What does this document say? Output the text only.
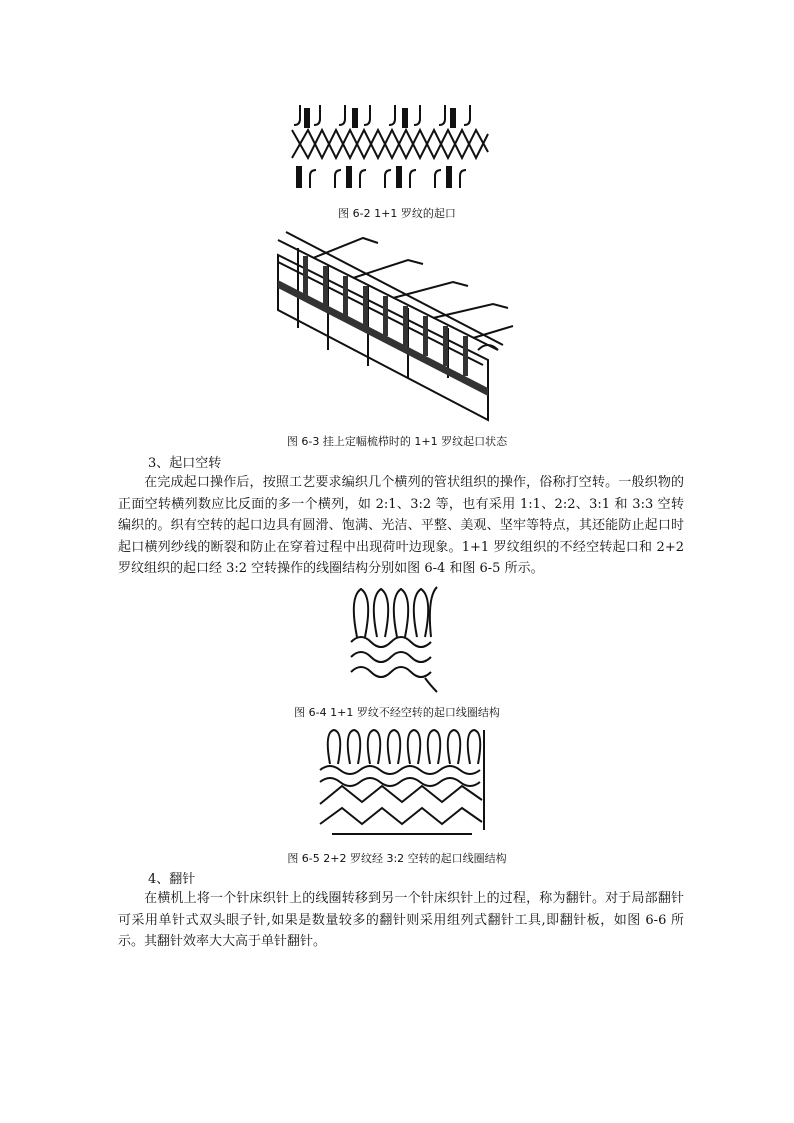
图 6-2 1+1 罗纹的起口
图 6-3 挂上定幅梳栉时的 1+1 罗纹起口状态
3、起口空转

在完成起口操作后，按照工艺要求编织几个横列的管状组织的操作，俗称打空转。一般织物的正面空转横列数应比反面的多一个横列，如 2:1、3:2 等，也有采用 1:1、2:2、3:1 和 3:3 空转编织的。织有空转的起口边具有圆滑、饱满、光洁、平整、美观、坚牢等特点，其还能防止起口时起口横列纱线的断裂和防止在穿着过程中出现荷叶边现象。1+1 罗纹组织的不经空转起口和 2+2 罗纹组织的起口经 3:2 空转操作的线圈结构分别如图 6-4 和图 6-5 所示。

图 6-4 1+1 罗纹不经空转的起口线圈结构
图 6-5 2+2 罗纹经 3:2 空转的起口线圈结构
4、翻针

在横机上将一个针床织针上的线圈转移到另一个针床织针上的过程，称为翻针。对于局部翻针可采用单针式双头眼子针,如果是数量较多的翻针则采用组列式翻针工具,即翻针板，如图 6-6 所示。其翻针效率大大高于单针翻针。
